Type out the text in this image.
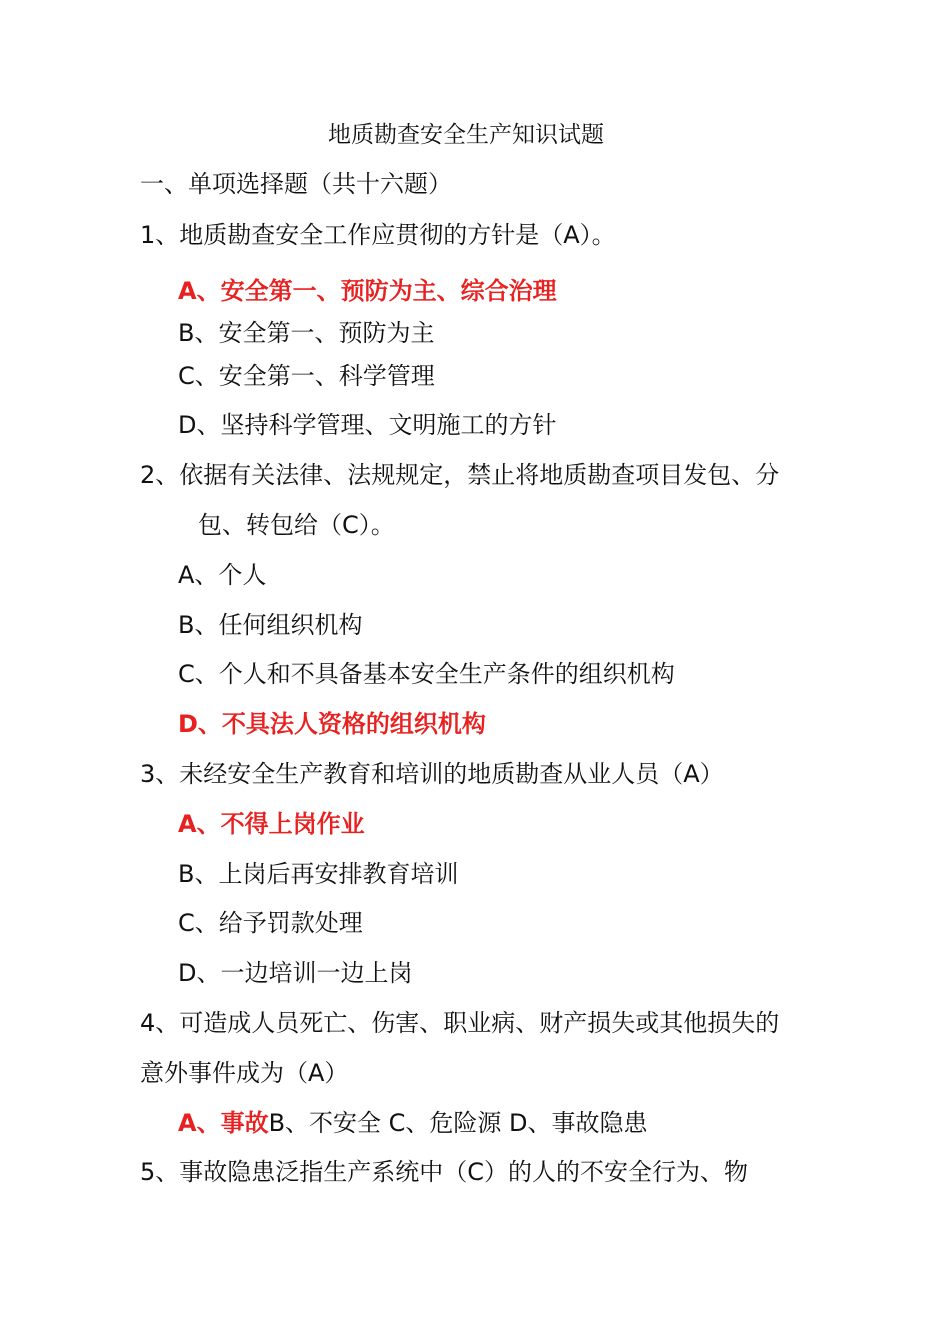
地质勘查安全生产知识试题
一、单项选择题（共十六题）
1、地质勘查安全工作应贯彻的方针是（A）。
A、安全第一、预防为主、综合治理
B、安全第一、预防为主
C、安全第一、科学管理
D、坚持科学管理、文明施工的方针
2、依据有关法律、法规规定，禁止将地质勘查项目发包、分
包、转包给（C）。
A、个人
B、任何组织机构
C、个人和不具备基本安全生产条件的组织机构
D、不具法人资格的组织机构
3、未经安全生产教育和培训的地质勘查从业人员（A）
A、不得上岗作业
B、上岗后再安排教育培训
C、给予罚款处理
D、一边培训一边上岗
4、可造成人员死亡、伤害、职业病、财产损失或其他损失的
意外事件成为（A）
A、事故B、不安全 C、危险源 D、事故隐患
5、事故隐患泛指生产系统中（C）的人的不安全行为、物
